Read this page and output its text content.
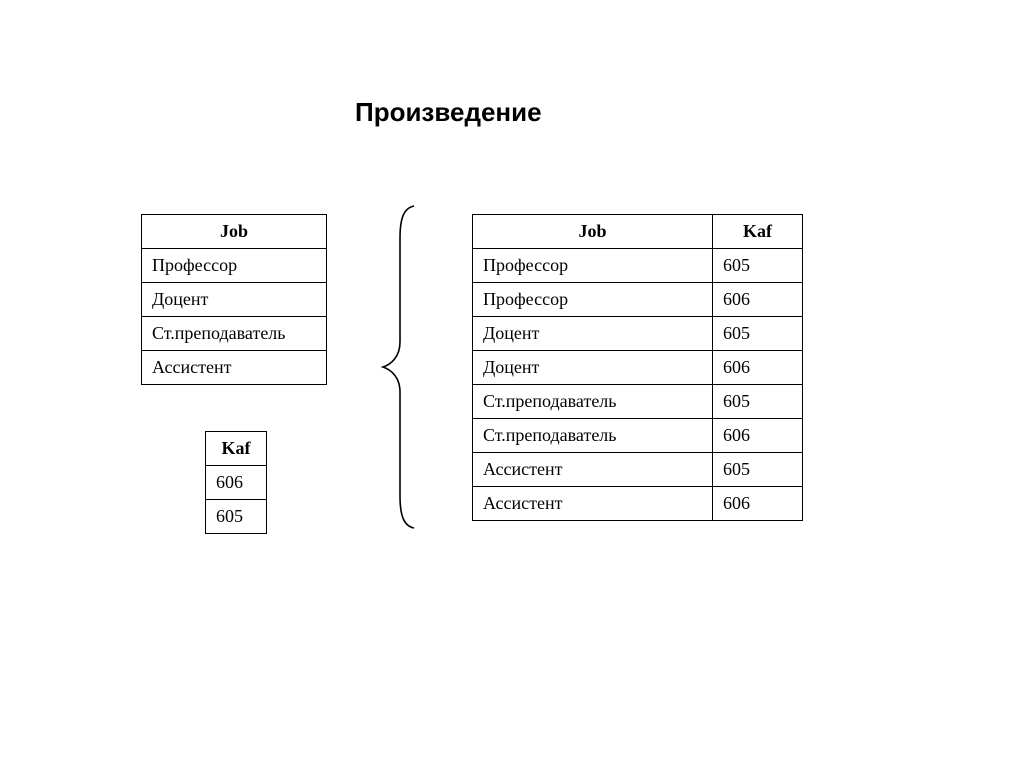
Произведение
Job
Профессор
Доцент
Ст.преподаватель
Ассистент
Kaf
606
605
Job	Kaf
Профессор	605
Профессор	606
Доцент	605
Доцент	606
Ст.преподаватель	605
Ст.преподаватель	606
Ассистент	605
Ассистент	606
